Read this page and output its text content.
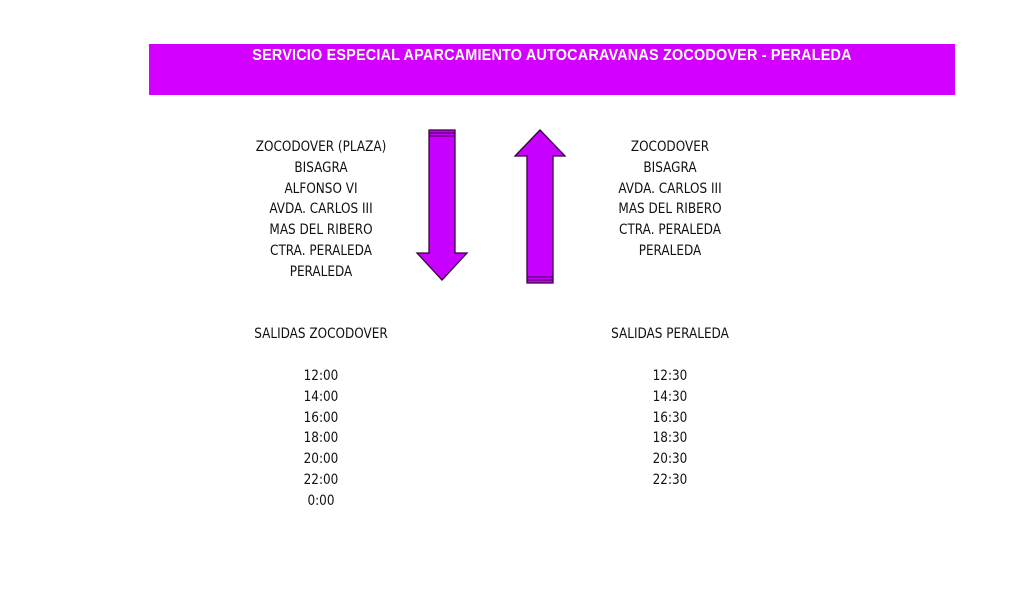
SERVICIO ESPECIAL APARCAMIENTO AUTOCARAVANAS ZOCODOVER - PERALEDA
ZOCODOVER (PLAZA)
BISAGRA
ALFONSO VI
AVDA. CARLOS III
MAS DEL RIBERO
CTRA. PERALEDA
PERALEDA
ZOCODOVER
BISAGRA
AVDA. CARLOS III
MAS DEL RIBERO
CTRA. PERALEDA
PERALEDA
SALIDAS ZOCODOVER	SALIDAS PERALEDA
12:00
14:00
16:00
18:00
20:00
22:00
0:00
12:30
14:30
16:30
18:30
20:30
22:30
